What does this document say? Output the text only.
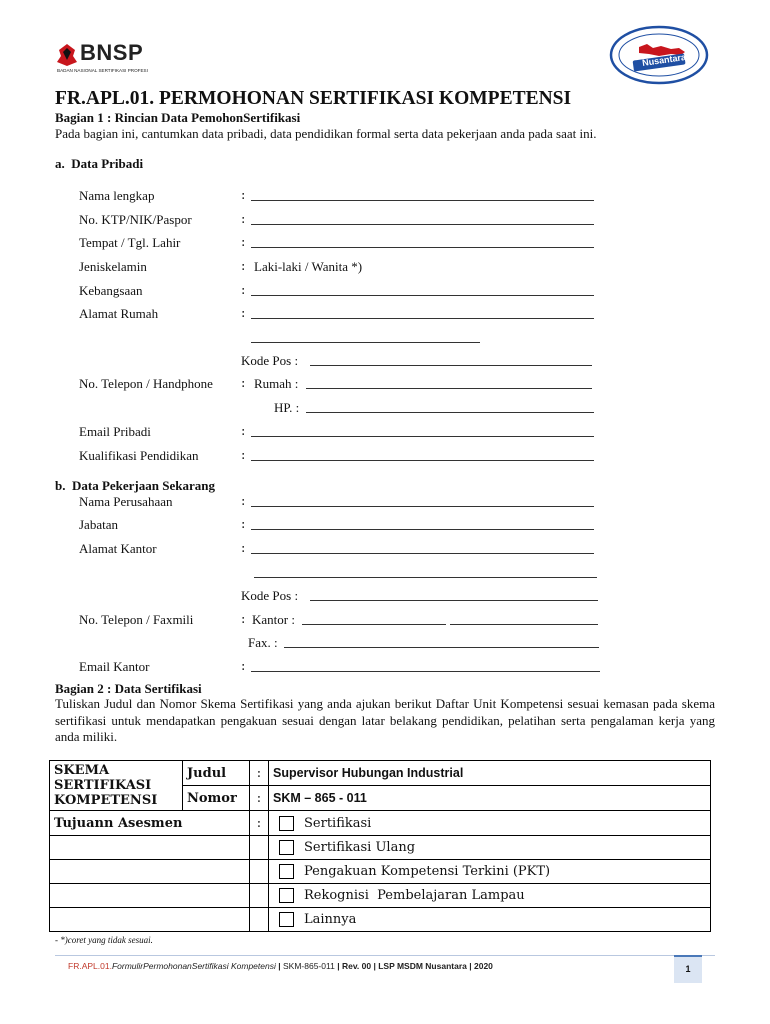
BNSP
BADAN NASIONAL SERTIFIKASI PROFESI
Nusantara
FR.APL.01. PERMOHONAN SERTIFIKASI KOMPETENSI
Bagian 1 : Rincian Data PemohonSertifikasi
Pada bagian ini, cantumkan data pribadi, data pendidikan formal serta data pekerjaan anda pada saat ini.
a.  Data Pribadi
Nama lengkap	:
No. KTP/NIK/Paspor	:
Tempat / Tgl. Lahir	:
Jeniskelamin	: Laki-laki / Wanita *)
Kebangsaan	:
Alamat Rumah	:
Kode Pos :
No. Telepon / Handphone : Rumah :
HP. :
Email Pribadi	:
Kualifikasi Pendidikan	:
b.  Data Pekerjaan Sekarang
Nama Perusahaan	:
Jabatan	:
Alamat Kantor	:
Kode Pos :
No. Telepon / Faxmili	: Kantor :
Fax. :
Email Kantor	:
Bagian 2 : Data Sertifikasi
Tuliskan Judul dan Nomor Skema Sertifikasi yang anda ajukan berikut Daftar Unit Kompetensi sesuai kemasan pada skema sertifikasi untuk mendapatkan pengakuan sesuai dengan latar belakang pendidikan, pelatihan serta pengalaman kerja yang anda miliki.
SKEMA SERTIFIKASI KOMPETENSI	Judul	:	Supervisor Hubungan Industrial
	Nomor	:	SKM – 865 - 011
Tujuann Asesmen		:	Sertifikasi
			Sertifikasi Ulang
			Pengakuan Kompetensi Terkini (PKT)
			Rekognisi  Pembelajaran Lampau
			Lainnya
- *)coret yang tidak sesuai.
FR.APL.01.FormulirPermohonanSertifikasi Kompetensi | SKM-865-011 | Rev. 00 | LSP MSDM Nusantara | 2020	1
